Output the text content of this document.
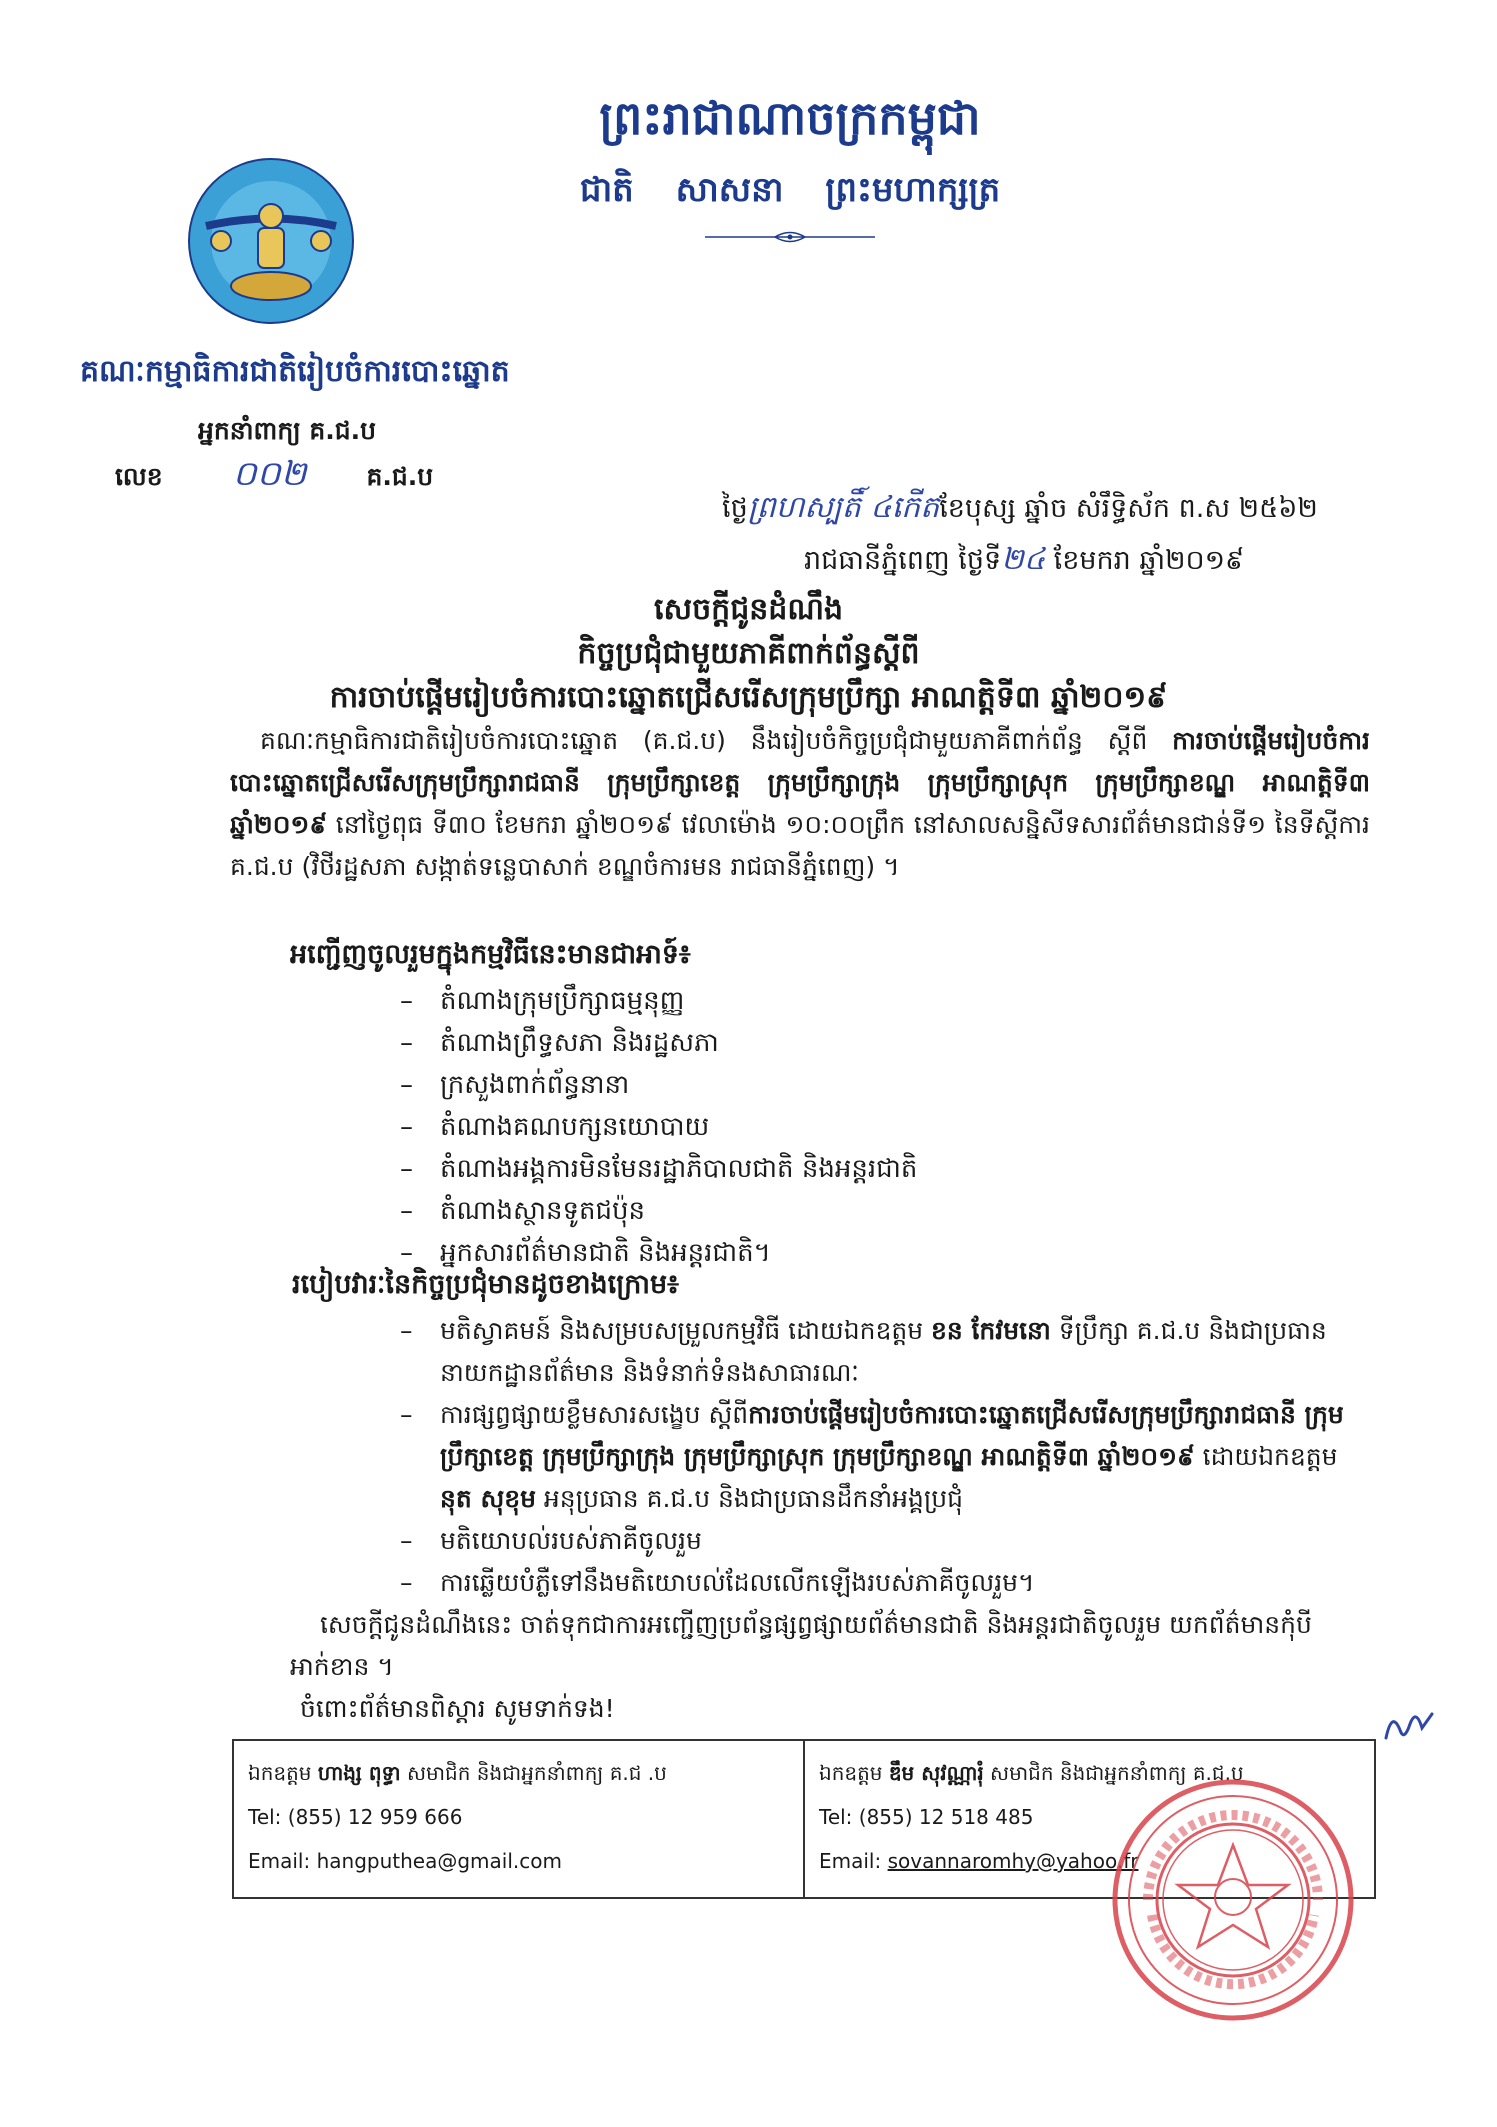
ព្រះរាជាណាចក្រកម្ពុជា
ជាតិ សាសនា ព្រះមហាក្សត្រ
គណៈកម្មាធិការជាតិរៀបចំការបោះឆ្នោត
អ្នកនាំពាក្យ គ.ជ.ប
លេខ ០០២ គ.ជ.ប
ថ្ងៃព្រហស្បតិ៍ ៤កើតខែបុស្ស ឆ្នាំច សំរឹទ្ធិស័ក ព.ស ២៥៦២
រាជធានីភ្នំពេញ ថ្ងៃទី២៤ ខែមករា ឆ្នាំ២០១៩
សេចក្តីជូនដំណឹង
កិច្ចប្រជុំជាមួយភាគីពាក់ព័ន្ធស្តីពី
ការចាប់ផ្តើមរៀបចំការបោះឆ្នោតជ្រើសរើសក្រុមប្រឹក្សា អាណត្តិទី៣ ឆ្នាំ២០១៩
គណៈកម្មាធិការជាតិរៀបចំការបោះឆ្នោត (គ.ជ.ប) នឹងរៀបចំកិច្ចប្រជុំជាមួយភាគីពាក់ព័ន្ធ ស្តីពី ការចាប់ផ្តើមរៀបចំការបោះឆ្នោតជ្រើសរើសក្រុមប្រឹក្សារាជធានី ក្រុមប្រឹក្សាខេត្ត ក្រុមប្រឹក្សាក្រុង ក្រុមប្រឹក្សាស្រុក ក្រុមប្រឹក្សាខណ្ឌ អាណត្តិទី៣ ឆ្នាំ២០១៩ នៅថ្ងៃពុធ ទី៣០ ខែមករា ឆ្នាំ២០១៩ វេលាម៉ោង ១០:០០ព្រឹក នៅសាលសន្និសីទសារព័ត៌មានជាន់ទី១ នៃទីស្តីការ គ.ជ.ប (វិថីរដ្ឋសភា សង្កាត់ទន្លេបាសាក់ ខណ្ឌចំការមន រាជធានីភ្នំពេញ) ។
អញ្ជើញចូលរួមក្នុងកម្មវិធីនេះមានជាអាទ៍៖
– តំណាងក្រុមប្រឹក្សាធម្មនុញ្ញ
– តំណាងព្រឹទ្ធសភា និងរដ្ឋសភា
– ក្រសួងពាក់ព័ន្ធនានា
– តំណាងគណបក្សនយោបាយ
– តំណាងអង្គការមិនមែនរដ្ឋាភិបាលជាតិ និងអន្តរជាតិ
– តំណាងស្ថានទូតជប៉ុន
– អ្នកសារព័ត៌មានជាតិ និងអន្តរជាតិ។
របៀបវារៈនៃកិច្ចប្រជុំមានដូចខាងក្រោម៖
–	មតិស្វាគមន៍ និងសម្របសម្រួលកម្មវិធី ដោយឯកឧត្តម ខន កែវមនោ ទីប្រឹក្សា គ.ជ.ប និងជាប្រធាននាយកដ្ឋានព័ត៌មាន និងទំនាក់ទំនងសាធារណៈ
–	ការផ្សព្វផ្សាយខ្លឹមសារសង្ខេប ស្តីពីការចាប់ផ្តើមរៀបចំការបោះឆ្នោតជ្រើសរើសក្រុមប្រឹក្សារាជធានី ក្រុមប្រឹក្សាខេត្ត ក្រុមប្រឹក្សាក្រុង ក្រុមប្រឹក្សាស្រុក ក្រុមប្រឹក្សាខណ្ឌ អាណត្តិទី៣ ឆ្នាំ២០១៩ ដោយឯកឧត្តម នុត សុខុម អនុប្រធាន គ.ជ.ប និងជាប្រធានដឹកនាំអង្គប្រជុំ
–	មតិយោបល់របស់ភាគីចូលរួម
–	ការឆ្លើយបំភ្លឺទៅនឹងមតិយោបល់ដែលលើកឡើងរបស់ភាគីចូលរួម។
សេចក្តីជូនដំណឹងនេះ ចាត់ទុកជាការអញ្ជើញប្រព័ន្ធផ្សព្វផ្សាយព័ត៌មានជាតិ និងអន្តរជាតិចូលរួម យកព័ត៌មានកុំបីអាក់ខាន ។
ចំពោះព័ត៌មានពិស្តារ សូមទាក់ទង!
ឯកឧត្តម ហាង្ស ពុទ្ធា សមាជិក និងជាអ្នកនាំពាក្យ គ.ជ .ប
Tel: (855) 12 959 666
Email: hangputhea@gmail.com
ឯកឧត្តម ឌឹម សុវណ្ណារុំ សមាជិក និងជាអ្នកនាំពាក្យ គ.ជ.ប
Tel: (855) 12 518 485
Email: sovannaromhy@yahoo.fr
